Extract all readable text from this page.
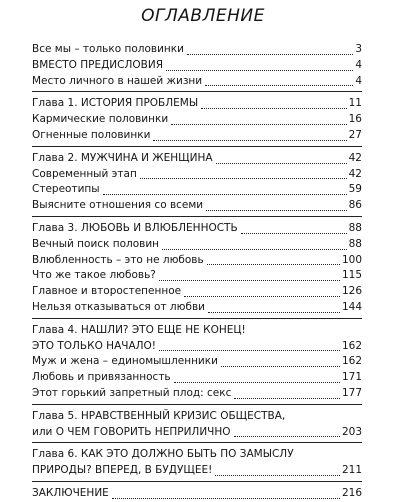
ОГЛАВЛЕНИЕ
Все мы – только половинки	3
ВМЕСТО ПРЕДИСЛОВИЯ	4
Место личного в нашей жизни	4
Глава 1. ИСТОРИЯ ПРОБЛЕМЫ	11
Кармические половинки	16
Огненные половинки	27
Глава 2. МУЖЧИНА И ЖЕНЩИНА	42
Современный этап	42
Стереотипы	59
Выясните отношения со всеми	86
Глава 3. ЛЮБОВЬ И ВЛЮБЛЕННОСТЬ	88
Вечный поиск половин	88
Влюбленность – это не любовь	100
Что же такое любовь?	115
Главное и второстепенное	126
Нельзя отказываться от любви	144
Глава 4. НАШЛИ? ЭТО ЕЩЕ НЕ КОНЕЦ!
ЭТО ТОЛЬКО НАЧАЛО!	162
Муж и жена – единомышленники	162
Любовь и привязанность	171
Этот горький запретный плод: секс	177
Глава 5. НРАВСТВЕННЫЙ КРИЗИС ОБЩЕСТВА,
или О ЧЕМ ГОВОРИТЬ НЕПРИЛИЧНО	203
Глава 6. КАК ЭТО ДОЛЖНО БЫТЬ ПО ЗАМЫСЛУ
ПРИРОДЫ? ВПЕРЕД, В БУДУЩЕЕ!	211
ЗАКЛЮЧЕНИЕ	216
